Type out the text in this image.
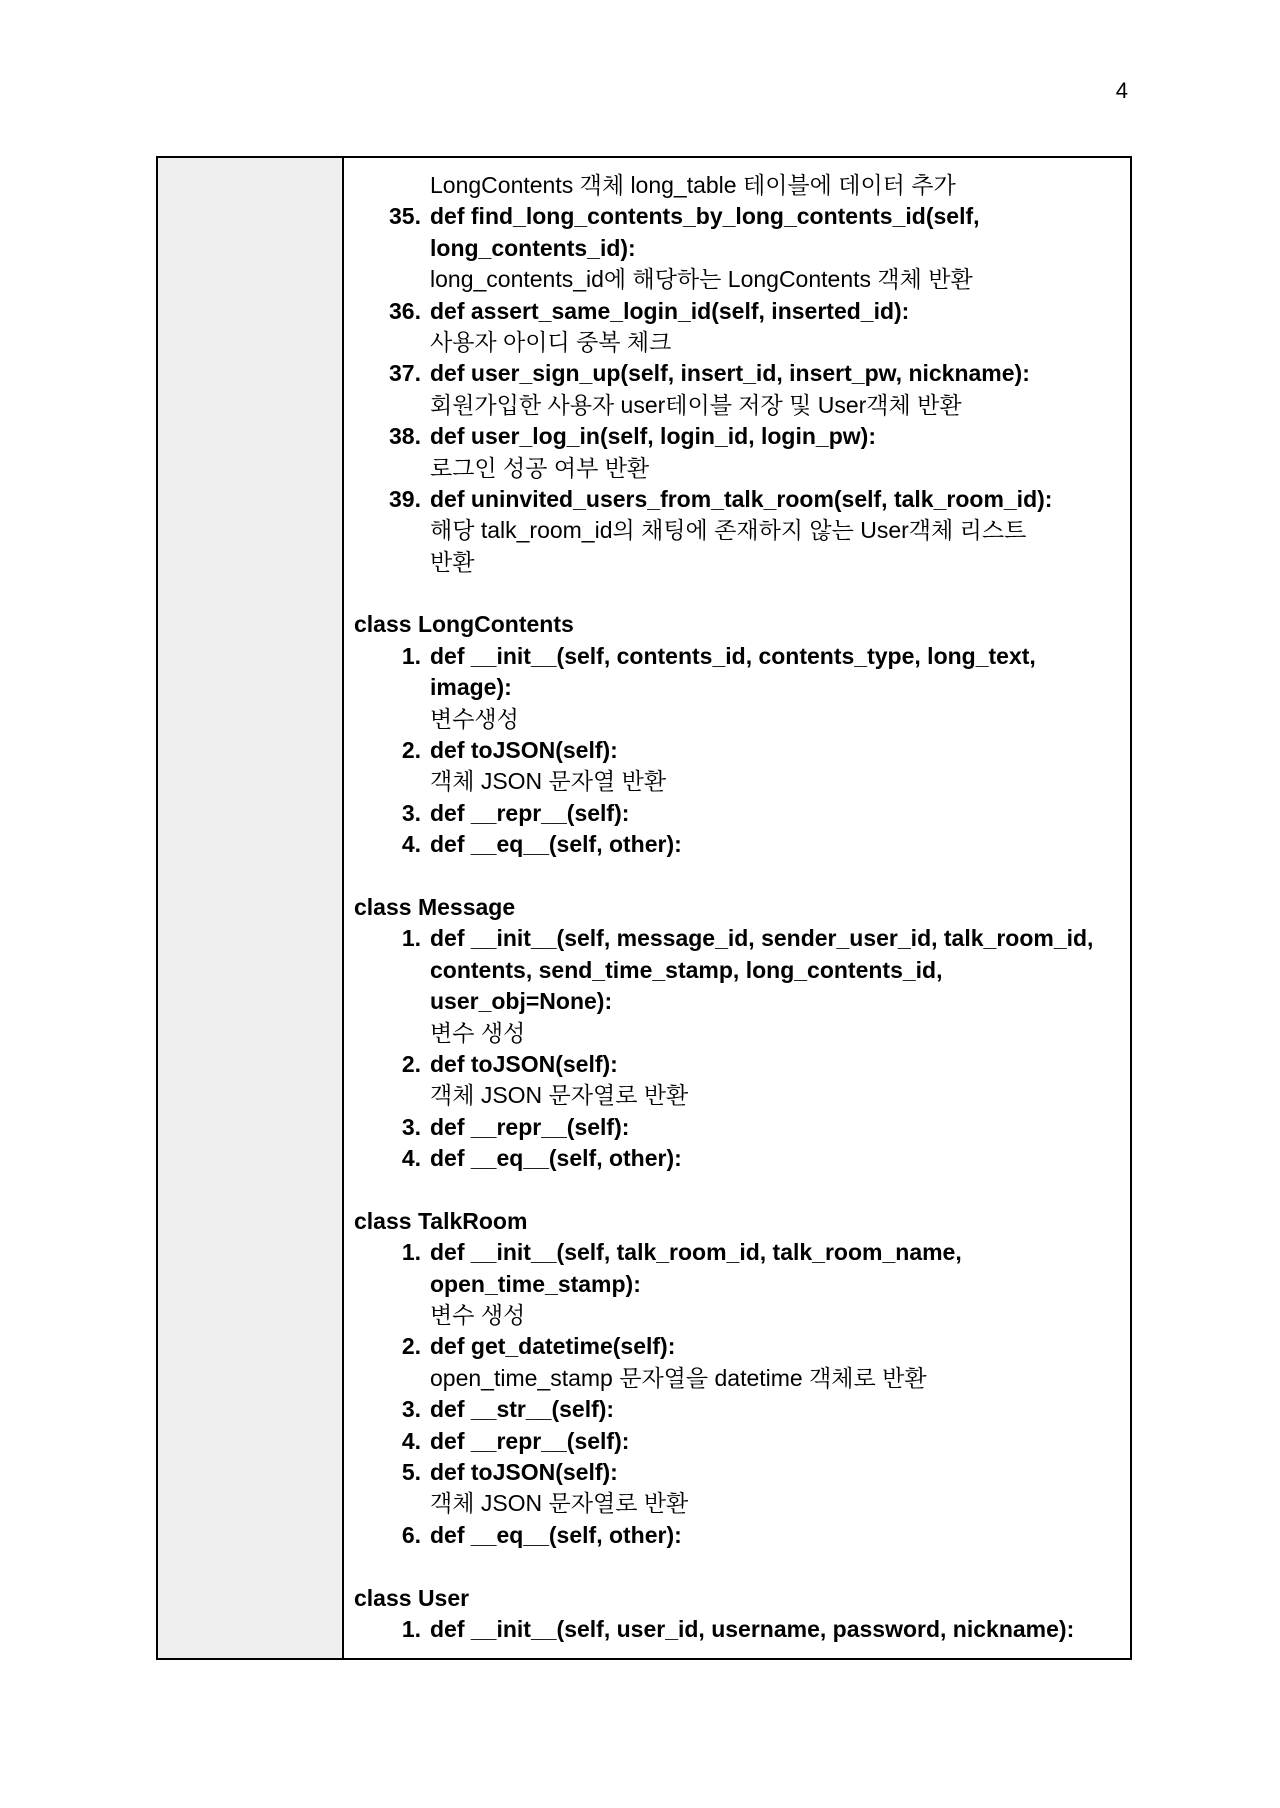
4
LongContents 객체 long_table 테이블에 데이터 추가
35. def find_long_contents_by_long_contents_id(self,
long_contents_id):
long_contents_id에 해당하는 LongContents 객체 반환
36. def assert_same_login_id(self, inserted_id):
사용자 아이디 중복 체크
37. def user_sign_up(self, insert_id, insert_pw, nickname):
회원가입한 사용자 user테이블 저장 및 User객체 반환
38. def user_log_in(self, login_id, login_pw):
로그인 성공 여부 반환
39. def uninvited_users_from_talk_room(self, talk_room_id):
해당 talk_room_id의 채팅에 존재하지 않는 User객체 리스트
반환
class LongContents
1. def __init__(self, contents_id, contents_type, long_text,
image):
변수생성
2. def toJSON(self):
객체 JSON 문자열 반환
3. def __repr__(self):
4. def __eq__(self, other):
class Message
1. def __init__(self, message_id, sender_user_id, talk_room_id,
contents, send_time_stamp, long_contents_id,
user_obj=None):
변수 생성
2. def toJSON(self):
객체 JSON 문자열로 반환
3. def __repr__(self):
4. def __eq__(self, other):
class TalkRoom
1. def __init__(self, talk_room_id, talk_room_name,
open_time_stamp):
변수 생성
2. def get_datetime(self):
open_time_stamp 문자열을 datetime 객체로 반환
3. def __str__(self):
4. def __repr__(self):
5. def toJSON(self):
객체 JSON 문자열로 반환
6. def __eq__(self, other):
class User
1. def __init__(self, user_id, username, password, nickname):
